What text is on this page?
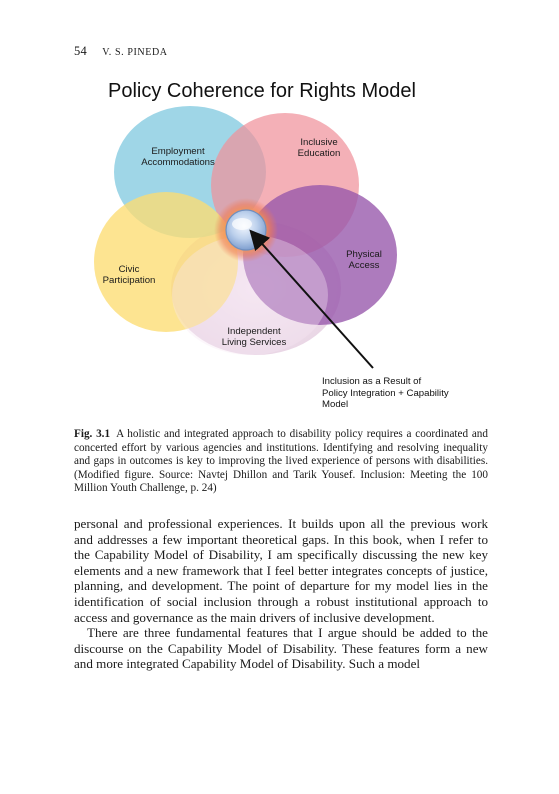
54 V. S. PINEDA
Policy Coherence for Rights Model
Employment
Accommodations
Inclusive
Education
Physical
Access
Civic
Participation
Independent
Living Services
Inclusion as a Result of
Policy Integration + Capability
Model
Fig. 3.1 A holistic and integrated approach to disability policy requires a coordinated and concerted effort by various agencies and institutions. Identifying and resolving inequality and gaps in outcomes is key to improving the lived experience of persons with disabilities. (Modified figure. Source: Navtej Dhillon and Tarik Yousef. Inclusion: Meeting the 100 Million Youth Challenge, p. 24)

personal and professional experiences. It builds upon all the previous work and addresses a few important theoretical gaps. In this book, when I refer to the Capability Model of Disability, I am specifically discussing the new key elements and a new framework that I feel better integrates concepts of justice, planning, and development. The point of departure for my model lies in the identification of social inclusion through a robust institutional approach to access and governance as the main drivers of inclusive development.

There are three fundamental features that I argue should be added to the discourse on the Capability Model of Disability. These features form a new and more integrated Capability Model of Disability. Such a model
